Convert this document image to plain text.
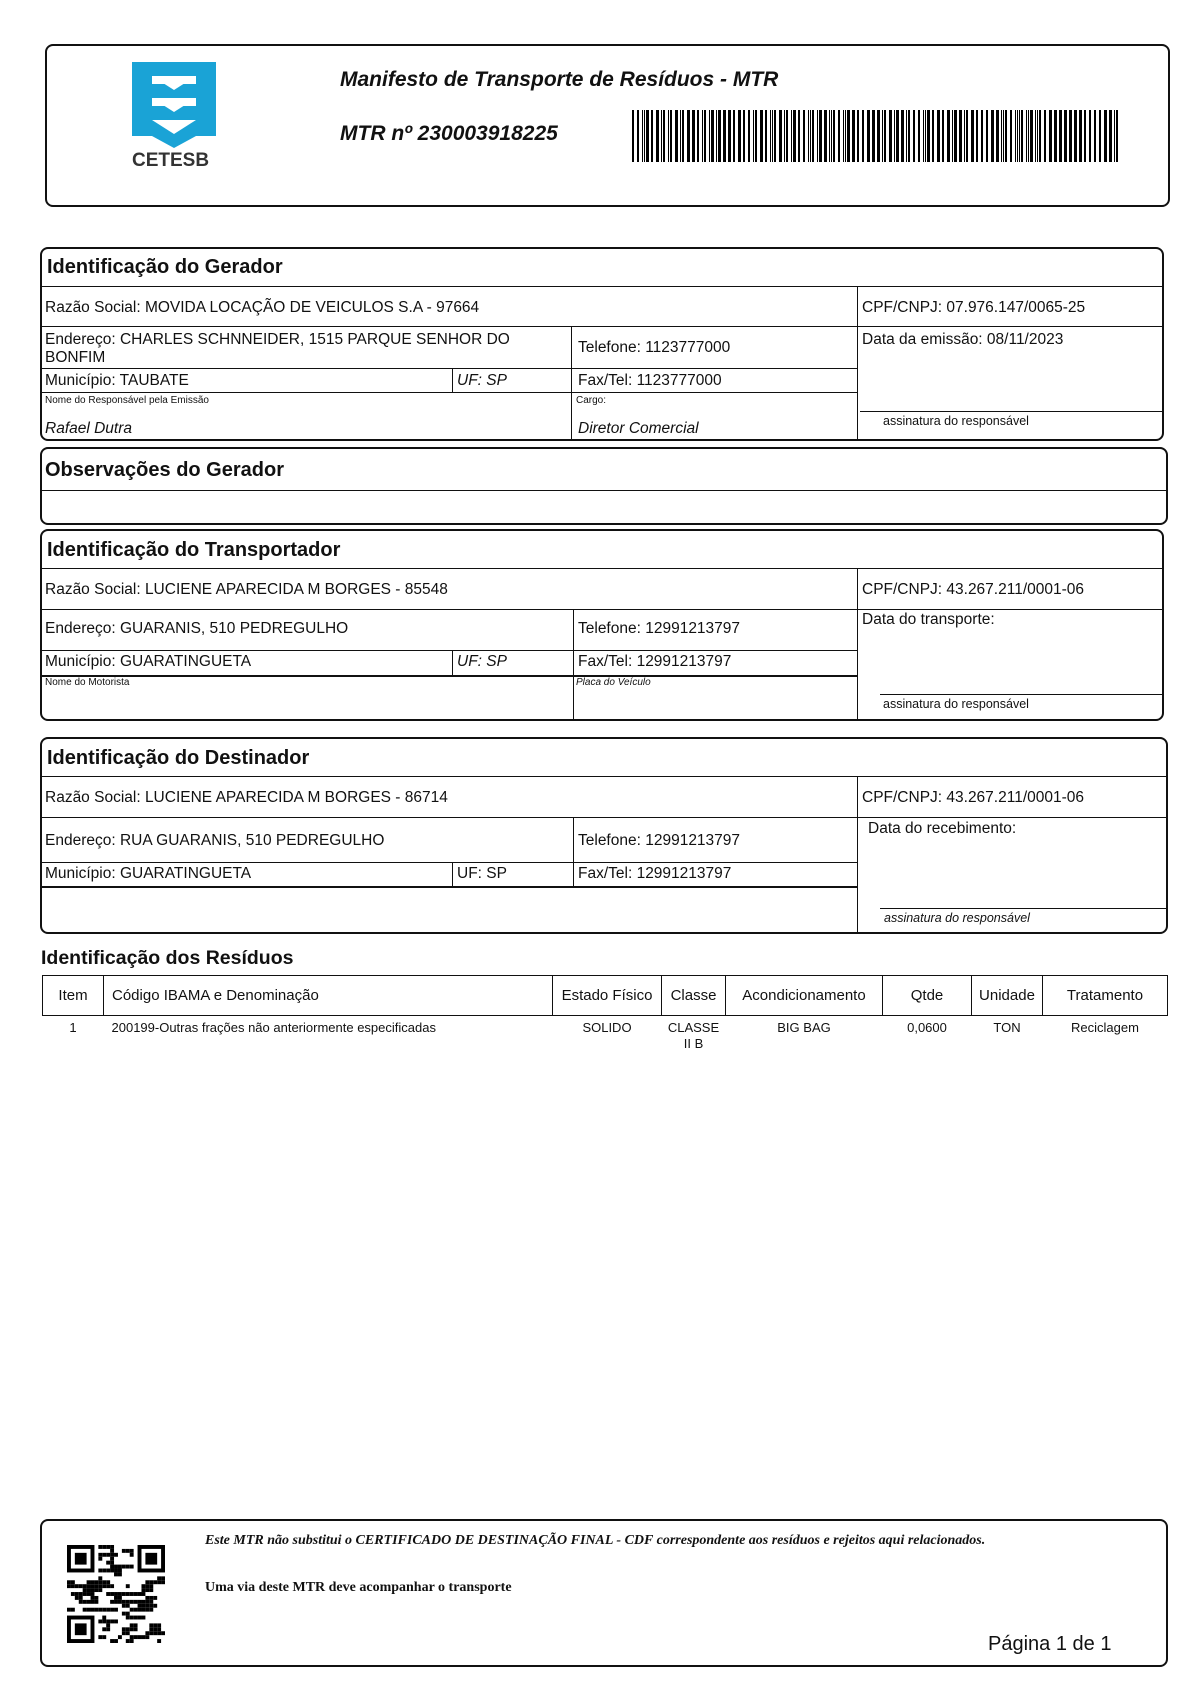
CETESB
Manifesto de Transporte de Resíduos - MTR
MTR nº 230003918225
Identificação do Gerador
Razão Social: MOVIDA LOCAÇÃO DE VEICULOS S.A - 97664	CPF/CNPJ: 07.976.147/0065-25
Endereço: CHARLES SCHNNEIDER, 1515 PARQUE SENHOR DO
BONFIM
Telefone: 1123777000	Data da emissão: 08/11/2023
Município: TAUBATE	UF: SP	Fax/Tel: 1123777000
Nome do Responsável pela Emissão
Rafael Dutra
Cargo:
Diretor Comercial	assinatura do responsável
Observações do Gerador
Identificação do Transportador
Razão Social: LUCIENE APARECIDA M BORGES - 85548	CPF/CNPJ: 43.267.211/0001-06
Endereço: GUARANIS, 510 PEDREGULHO	Telefone: 12991213797
Data do transporte:
Município: GUARATINGUETA	UF: SP	Fax/Tel: 12991213797
Nome do Motorista	Placa do Veículo
assinatura do responsável
Identificação do Destinador
Razão Social: LUCIENE APARECIDA M BORGES - 86714	CPF/CNPJ: 43.267.211/0001-06
Endereço: RUA GUARANIS, 510 PEDREGULHO	Telefone: 12991213797
Data do recebimento:
Município: GUARATINGUETA	UF: SP	Fax/Tel: 12991213797
assinatura do responsável
Identificação dos Resíduos
Item	Código IBAMA e Denominação	Estado Físico	Classe	Acondicionamento	Qtde	Unidade	Tratamento
1	200199-Outras frações não anteriormente especificadas	SOLIDO	CLASSE II B	BIG BAG	0,0600	TON	Reciclagem
Este MTR não substitui o CERTIFICADO DE DESTINAÇÃO FINAL - CDF correspondente aos resíduos e rejeitos aqui relacionados.
Uma via deste MTR deve acompanhar o transporte
Página 1 de 1
